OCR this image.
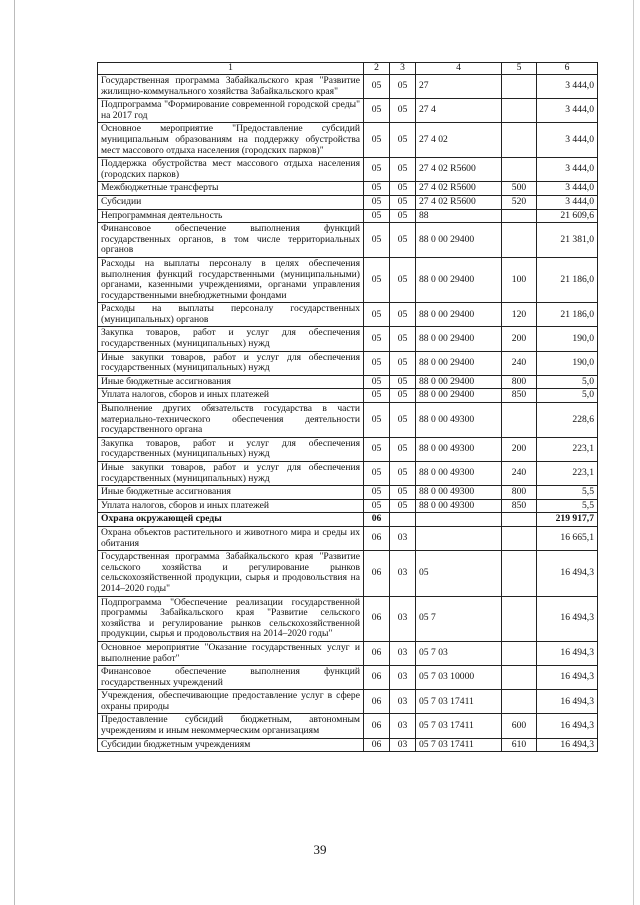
1	2	3	4	5	6
Государственная программа Забайкальского края "Развитие жилищно-коммунального хозяйства Забайкальского края"	05	05	27		3 444,0
Подпрограмма "Формирование современной городской среды" на 2017 год	05	05	27 4		3 444,0
Основное мероприятие "Предоставление субсидий муниципальным образованиям на поддержку обустройства мест массового отдыха населения (городских парков)"	05	05	27 4 02		3 444,0
Поддержка обустройства мест массового отдыха населения (городских парков)	05	05	27 4 02 R5600		3 444,0
Межбюджетные трансферты	05	05	27 4 02 R5600	500	3 444,0
Субсидии	05	05	27 4 02 R5600	520	3 444,0
Непрограммная деятельность	05	05	88		21 609,6
Финансовое обеспечение выполнения функций государственных органов, в том числе территориальных органов	05	05	88 0 00 29400		21 381,0
Расходы на выплаты персоналу в целях обеспечения выполнения функций государственными (муниципальными) органами, казенными учреждениями, органами управления государственными внебюджетными фондами	05	05	88 0 00 29400	100	21 186,0
Расходы на выплаты персоналу государственных (муниципальных) органов	05	05	88 0 00 29400	120	21 186,0
Закупка товаров, работ и услуг для обеспечения государственных (муниципальных) нужд	05	05	88 0 00 29400	200	190,0
Иные закупки товаров, работ и услуг для обеспечения государственных (муниципальных) нужд	05	05	88 0 00 29400	240	190,0
Иные бюджетные ассигнования	05	05	88 0 00 29400	800	5,0
Уплата налогов, сборов и иных платежей	05	05	88 0 00 29400	850	5,0
Выполнение других обязательств государства в части материально-технического обеспечения деятельности государственного органа	05	05	88 0 00 49300		228,6
Закупка товаров, работ и услуг для обеспечения государственных (муниципальных) нужд	05	05	88 0 00 49300	200	223,1
Иные закупки товаров, работ и услуг для обеспечения государственных (муниципальных) нужд	05	05	88 0 00 49300	240	223,1
Иные бюджетные ассигнования	05	05	88 0 00 49300	800	5,5
Уплата налогов, сборов и иных платежей	05	05	88 0 00 49300	850	5,5
Охрана окружающей среды	06				219 917,7
Охрана объектов растительного и животного мира и среды их обитания	06	03			16 665,1
Государственная программа Забайкальского края "Развитие сельского хозяйства и регулирование рынков сельскохозяйственной продукции, сырья и продовольствия на 2014–2020 годы"	06	03	05		16 494,3
Подпрограмма "Обеспечение реализации государственной программы Забайкальского края "Развитие сельского хозяйства и регулирование рынков сельскохозяйственной продукции, сырья и продовольствия на 2014–2020 годы"	06	03	05 7		16 494,3
Основное мероприятие "Оказание государственных услуг и выполнение работ"	06	03	05 7 03		16 494,3
Финансовое обеспечение выполнения функций государственных учреждений	06	03	05 7 03 10000		16 494,3
Учреждения, обеспечивающие предоставление услуг в сфере охраны природы	06	03	05 7 03 17411		16 494,3
Предоставление субсидий бюджетным, автономным учреждениям и иным некоммерческим организациям	06	03	05 7 03 17411	600	16 494,3
Субсидии бюджетным учреждениям	06	03	05 7 03 17411	610	16 494,3
39
